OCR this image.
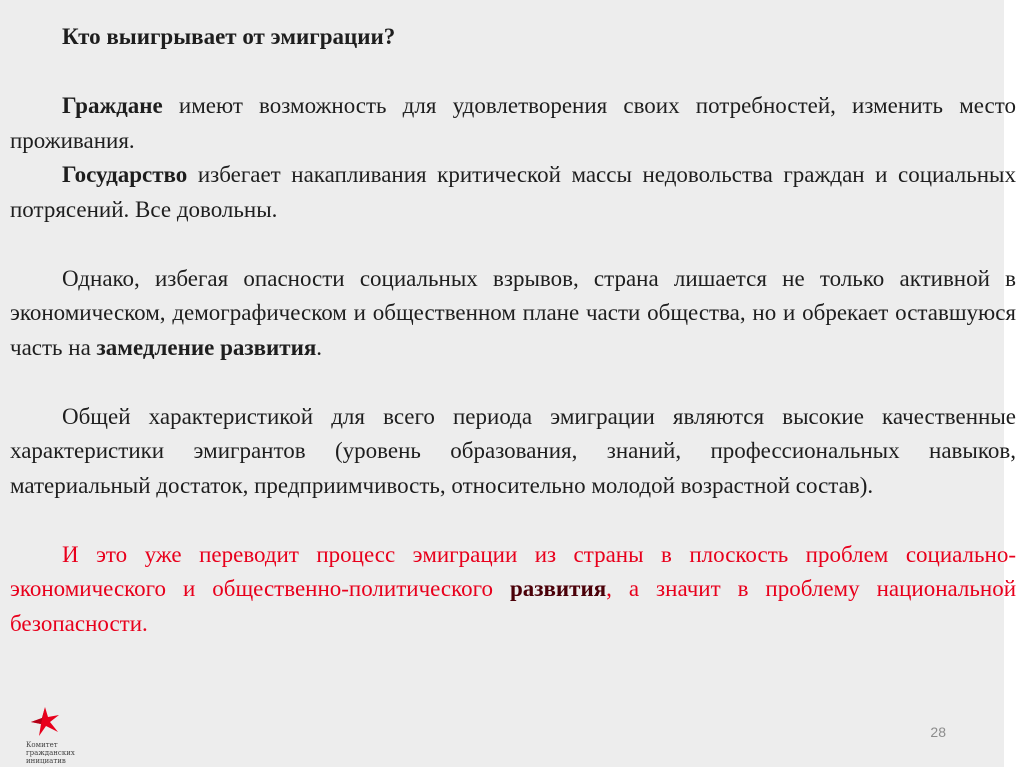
Кто выигрывает от эмиграции?

Граждане имеют возможность для удовлетворения своих потребностей, изменить место проживания.

Государство избегает накапливания критической массы недовольства граждан и социальных потрясений. Все довольны.

Однако, избегая опасности социальных взрывов, страна лишается не только активной в экономическом, демографическом и общественном плане части общества, но и обрекает оставшуюся часть на замедление развития.

Общей характеристикой для всего периода эмиграции являются высокие качественные характеристики эмигрантов (уровень образования, знаний, профессиональных навыков, материальный достаток, предприимчивость, относительно молодой возрастной состав).

И это уже переводит процесс эмиграции из страны в плоскость проблем социально-экономического и общественно-политического развития, а значит в проблему национальной безопасности.

28
Комитет
гражданских
инициатив
